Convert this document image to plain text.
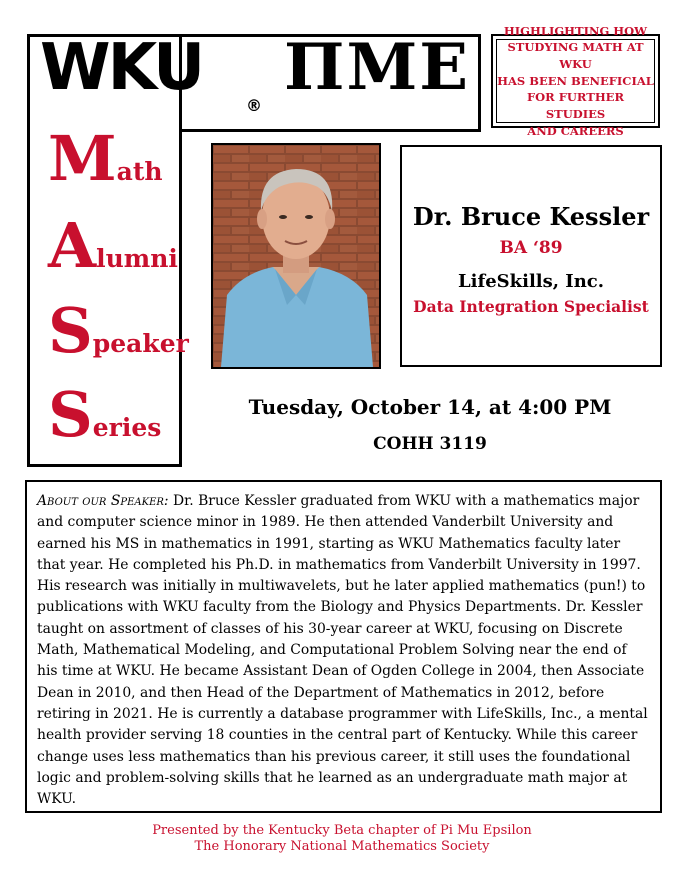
WKU
®
ΠΜΕ	HIGHLIGHTING HOW
STUDYING MATH AT WKU
HAS BEEN BENEFICIAL
FOR FURTHER STUDIES
AND CAREERS
Math
Alumni
Speaker
Series
Dr. Bruce Kessler
BA ‘89
LifeSkills, Inc.
Data Integration Specialist
Tuesday, October 14, at 4:00 PM
COHH 3119
About our Speaker: Dr. Bruce Kessler graduated from WKU with a mathematics major and computer science minor in 1989. He then attended Vanderbilt University and earned his MS in mathematics in 1991, starting as WKU Mathematics faculty later that year. He completed his Ph.D. in mathematics from Vanderbilt University in 1997. His research was initially in multiwavelets, but he later applied mathematics (pun!) to publications with WKU faculty from the Biology and Physics Departments. Dr. Kessler taught on assortment of classes of his 30-year career at WKU, focusing on Discrete Math, Mathematical Modeling, and Computational Problem Solving near the end of his time at WKU. He became Assistant Dean of Ogden College in 2004, then Associate Dean in 2010, and then Head of the Department of Mathematics in 2012, before retiring in 2021. He is currently a database programmer with LifeSkills, Inc., a mental health provider serving 18 counties in the central part of Kentucky. While this career change uses less mathematics than his previous career, it still uses the foundational logic and problem-solving skills that he learned as an undergraduate math major at WKU.
Presented by the Kentucky Beta chapter of Pi Mu Epsilon
The Honorary National Mathematics Society
